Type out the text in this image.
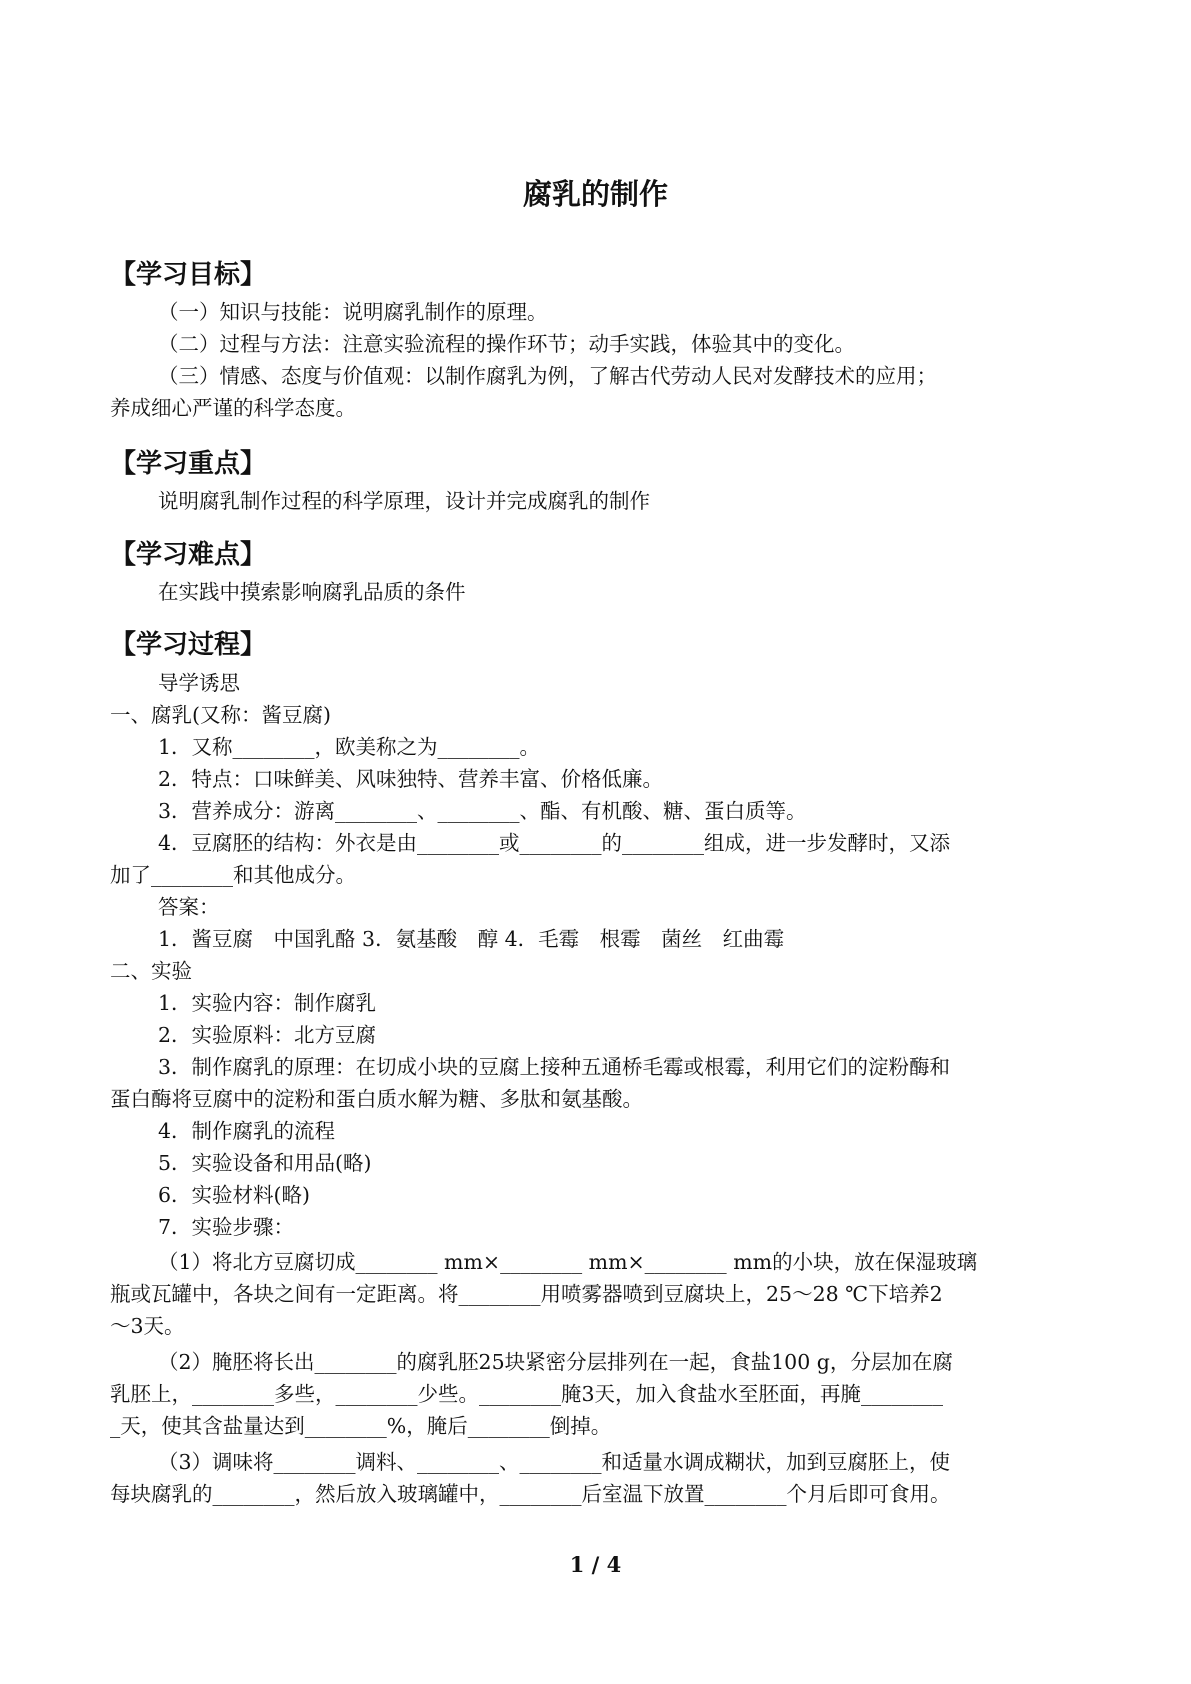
腐乳的制作
【学习目标】
（一）知识与技能：说明腐乳制作的原理。
（二）过程与方法：注意实验流程的操作环节；动手实践，体验其中的变化。
（三）情感、态度与价值观：以制作腐乳为例，了解古代劳动人民对发酵技术的应用；
养成细心严谨的科学态度。
【学习重点】
说明腐乳制作过程的科学原理，设计并完成腐乳的制作
【学习难点】
在实践中摸索影响腐乳品质的条件
【学习过程】
导学诱思
一、腐乳(又称：酱豆腐)
1．又称________，欧美称之为________。
2．特点：口味鲜美、风味独特、营养丰富、价格低廉。
3．营养成分：游离________、________、酯、有机酸、糖、蛋白质等。
4．豆腐胚的结构：外衣是由________或________的________组成，进一步发酵时，又添
加了________和其他成分。
答案：
1．酱豆腐　中国乳酪 3．氨基酸　醇 4．毛霉　根霉　菌丝　红曲霉
二、实验
1．实验内容：制作腐乳
2．实验原料：北方豆腐
3．制作腐乳的原理：在切成小块的豆腐上接种五通桥毛霉或根霉，利用它们的淀粉酶和
蛋白酶将豆腐中的淀粉和蛋白质水解为糖、多肽和氨基酸。
4．制作腐乳的流程
5．实验设备和用品(略)
6．实验材料(略)
7．实验步骤：
（1）将北方豆腐切成________ mm×________ mm×________ mm的小块，放在保湿玻璃
瓶或瓦罐中，各块之间有一定距离。将________用喷雾器喷到豆腐块上，25～28 ℃下培养2
～3天。
（2）腌胚将长出________的腐乳胚25块紧密分层排列在一起，食盐100 g，分层加在腐
乳胚上，________多些，________少些。________腌3天，加入食盐水至胚面，再腌________
_天，使其含盐量达到________%，腌后________倒掉。
（3）调味将________调料、________、________和适量水调成糊状，加到豆腐胚上，使
每块腐乳的________，然后放入玻璃罐中，________后室温下放置________个月后即可食用。
1 / 4
